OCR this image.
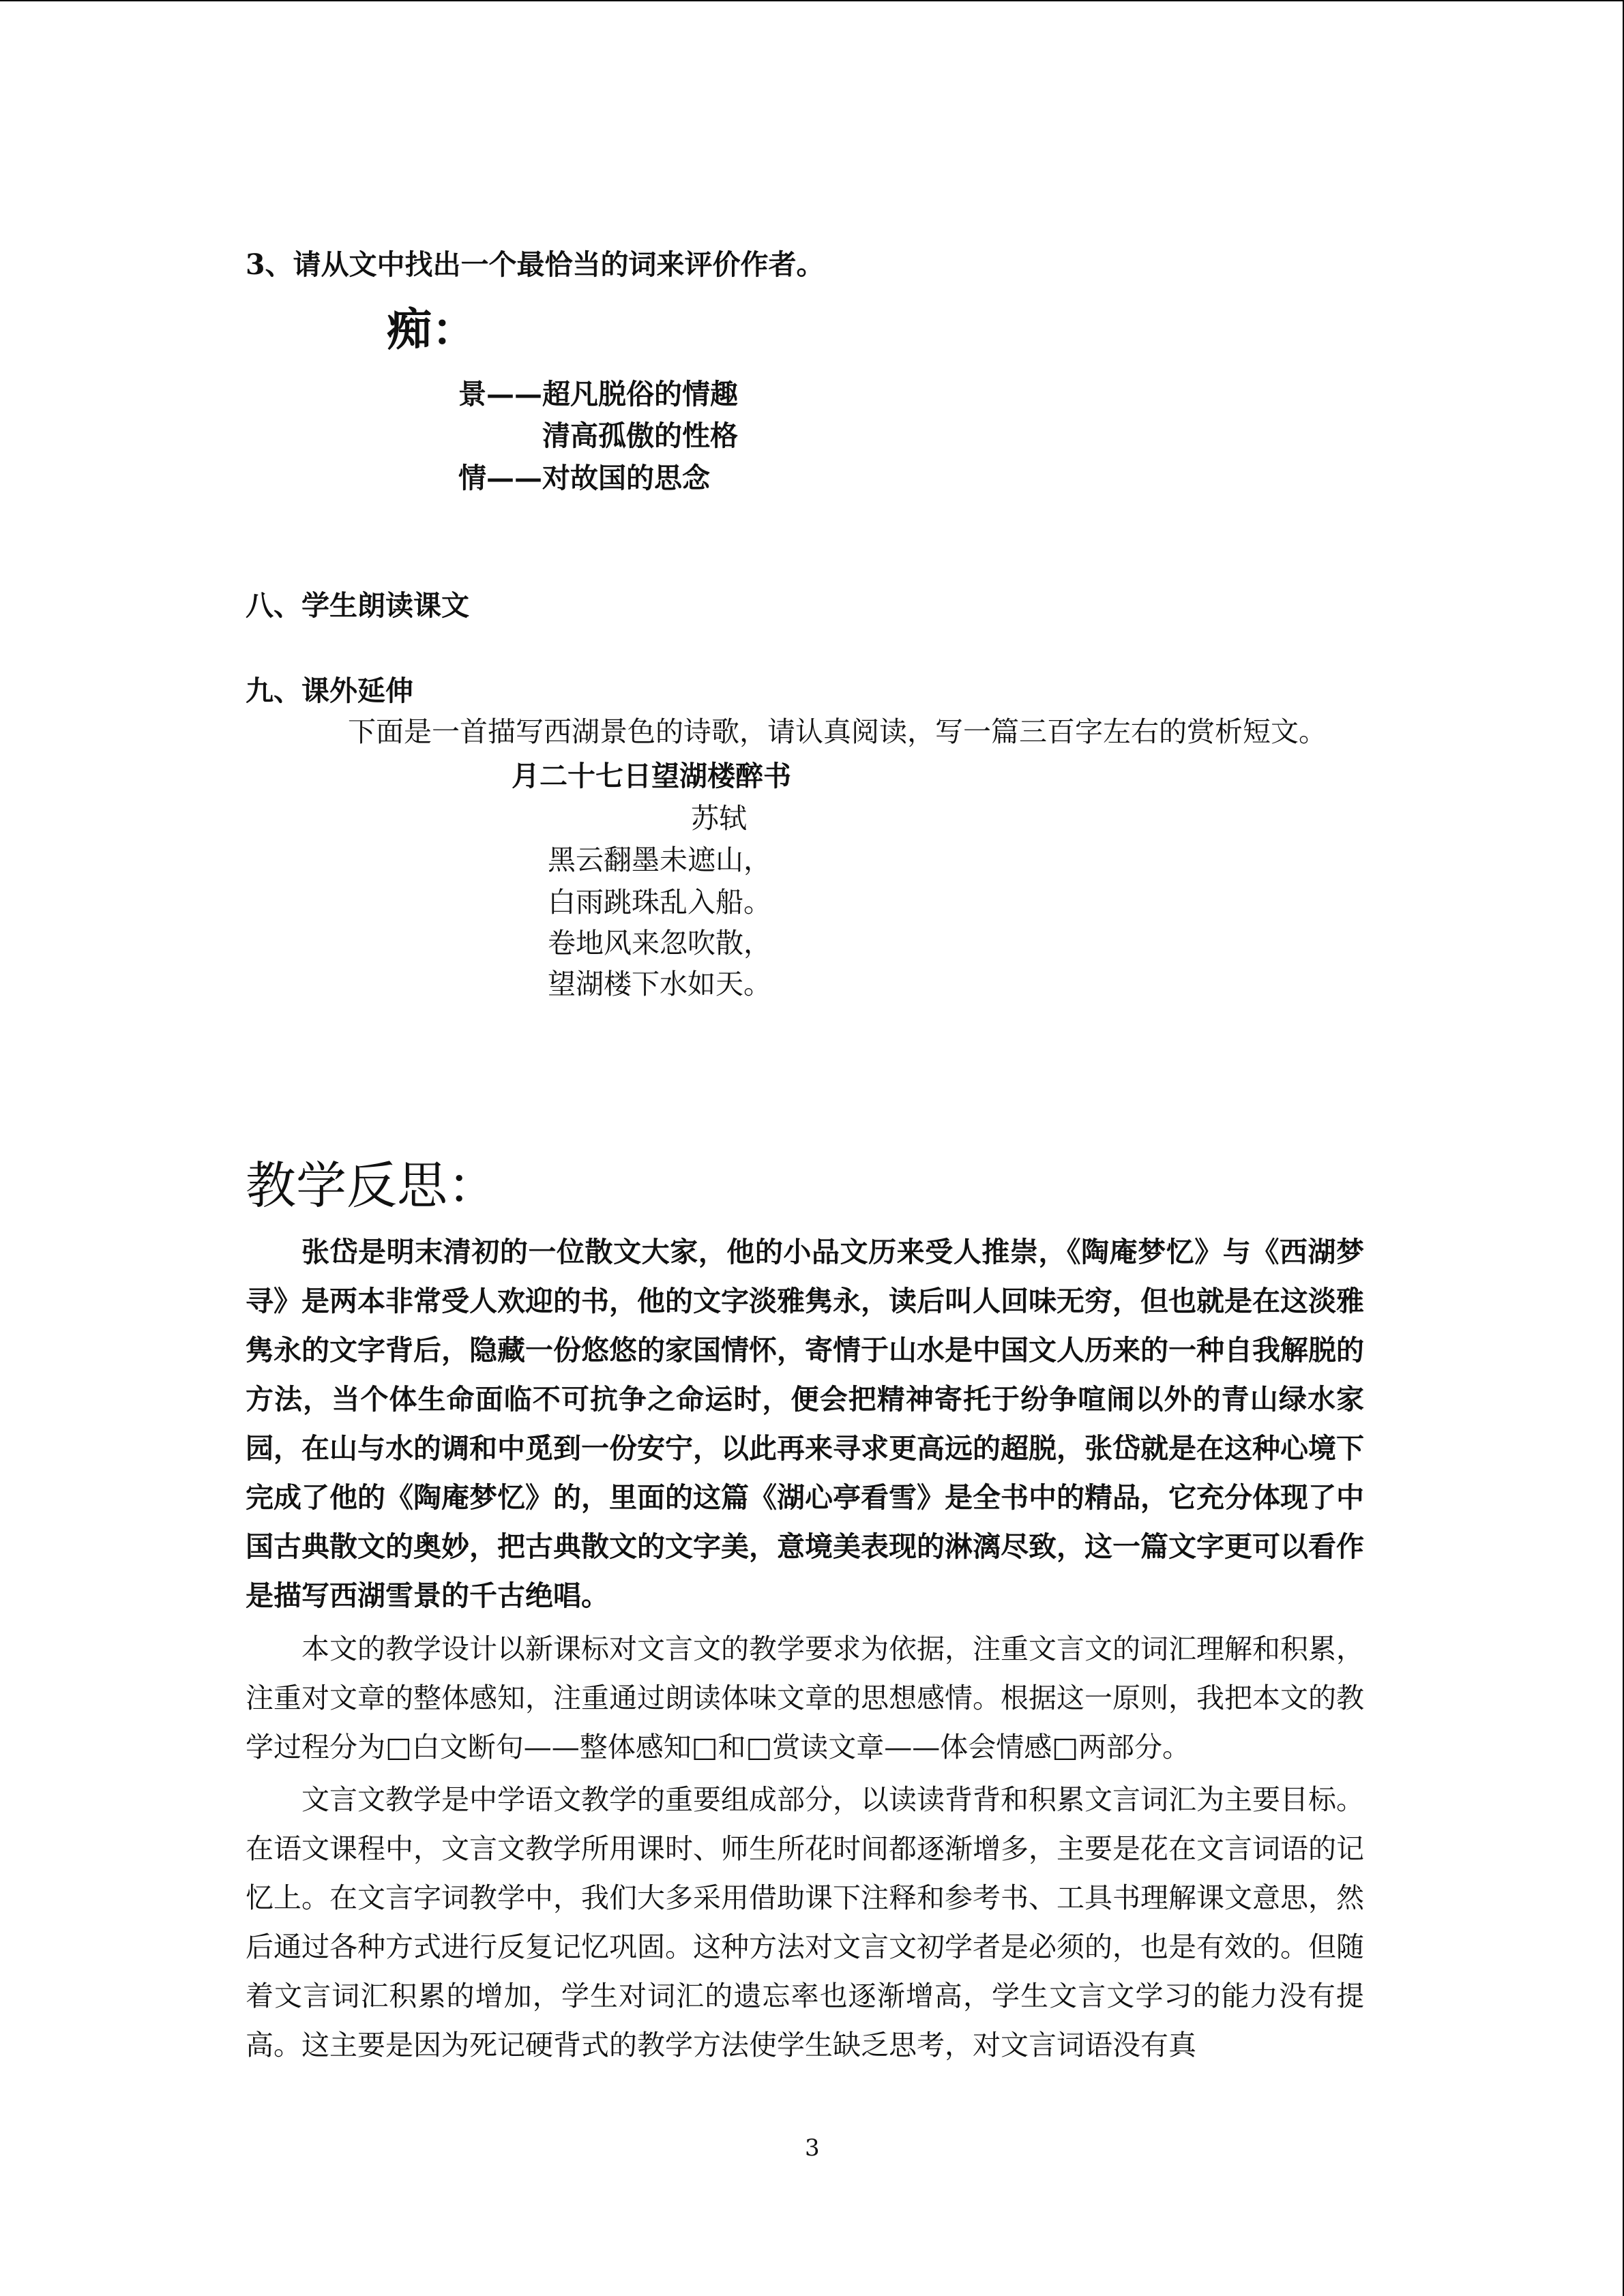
3、请从文中找出一个最恰当的词来评价作者。
痴：
景——超凡脱俗的情趣
清高孤傲的性格
情——对故国的思念
八、学生朗读课文
九、课外延伸
下面是一首描写西湖景色的诗歌，请认真阅读，写一篇三百字左右的赏析短文。
月二十七日望湖楼醉书
苏轼
黑云翻墨未遮山，
白雨跳珠乱入船。
卷地风来忽吹散，
望湖楼下水如天。
教学反思：

张岱是明末清初的一位散文大家，他的小品文历来受人推崇，《陶庵梦忆》与《西湖梦寻》是两本非常受人欢迎的书，他的文字淡雅隽永，读后叫人回味无穷，但也就是在这淡雅隽永的文字背后，隐藏一份悠悠的家国情怀，寄情于山水是中国文人历来的一种自我解脱的方法，当个体生命面临不可抗争之命运时，便会把精神寄托于纷争喧闹以外的青山绿水家园，在山与水的调和中觅到一份安宁，以此再来寻求更高远的超脱，张岱就是在这种心境下完成了他的《陶庵梦忆》的，里面的这篇《湖心亭看雪》是全书中的精品，它充分体现了中国古典散文的奥妙，把古典散文的文字美，意境美表现的淋漓尽致，这一篇文字更可以看作是描写西湖雪景的千古绝唱。

本文的教学设计以新课标对文言文的教学要求为依据，注重文言文的词汇理解和积累，注重对文章的整体感知，注重通过朗读体味文章的思想感情。根据这一原则，我把本文的教学过程分为□白文断句——整体感知□和□赏读文章——体会情感□两部分。

文言文教学是中学语文教学的重要组成部分，以读读背背和积累文言词汇为主要目标。在语文课程中，文言文教学所用课时、师生所花时间都逐渐增多，主要是花在文言词语的记忆上。在文言字词教学中，我们大多采用借助课下注释和参考书、工具书理解课文意思，然后通过各种方式进行反复记忆巩固。这种方法对文言文初学者是必须的，也是有效的。但随着文言词汇积累的增加，学生对词汇的遗忘率也逐渐增高，学生文言文学习的能力没有提高。这主要是因为死记硬背式的教学方法使学生缺乏思考，对文言词语没有真

3
